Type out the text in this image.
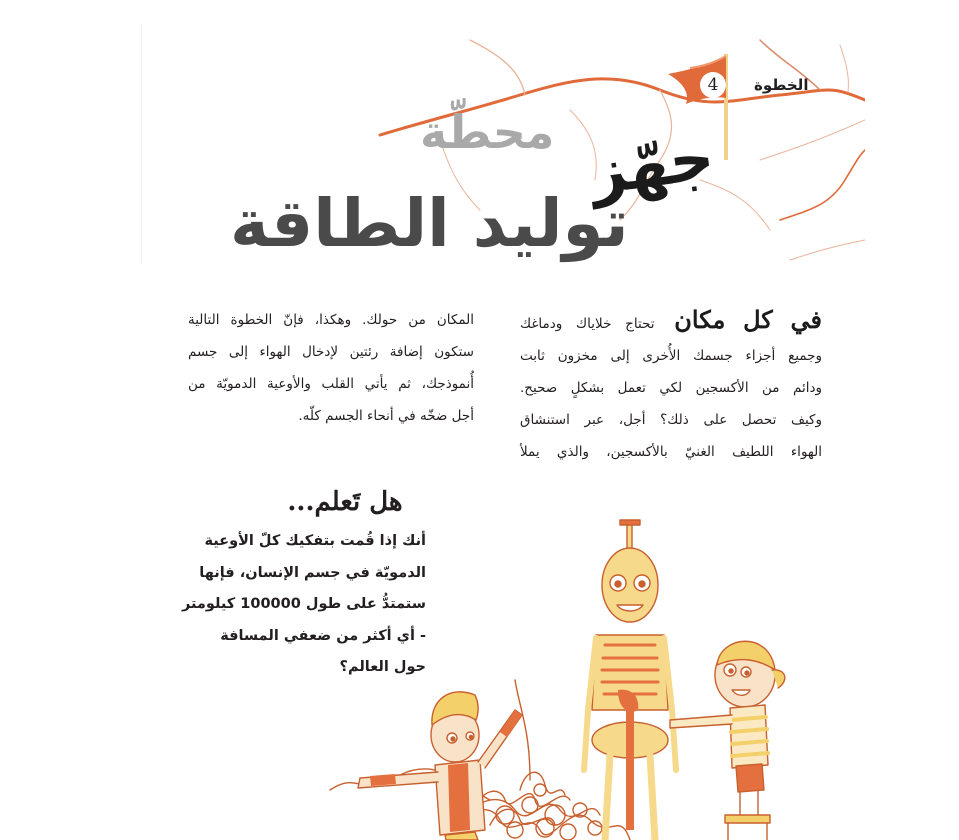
4	الخطوة
محطّة جهّز
توليد الطاقة
في كل مكان تحتاج خلاياك ودماغك
وجميع أجزاء جسمك الأُخرى إلى مخزون ثابت
ودائم من الأكسجين لكي تعمل بشكلٍ صحيح.
وكيف تحصل على ذلك؟ أجل، عبر استنشاق
الهواء اللطيف الغنيّ بالأكسجين، والذي يملأ
المكان من حولك. وهكذا، فإنّ الخطوة التالية
ستكون إضافة رئتين لإدخال الهواء إلى جسم
أُنموذجك، ثم يأتي القلب والأوعية الدمويّة من
أجل ضخّه في أنحاء الجسم كلّه.
هل تَعلم...
أنك إذا قُمت بتفكيك كلّ الأوعية
الدمويّة في جسم الإنسان، فإنها
ستمتدُّ على طول 100000 كيلومتر
- أي أكثر من ضعفي المسافة
حول العالم؟
